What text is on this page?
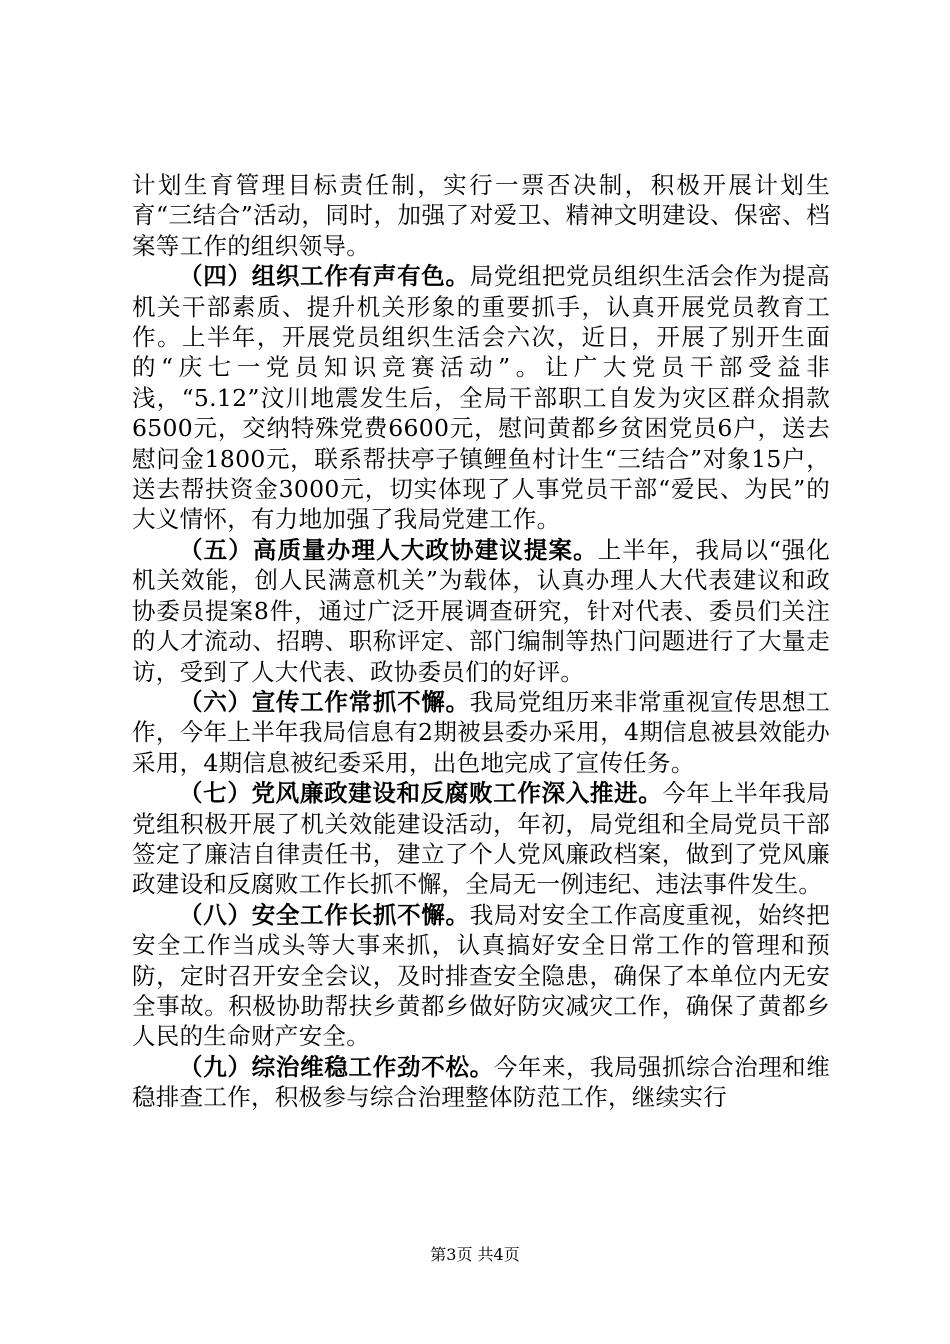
计划生育管理目标责任制，实行一票否决制，积极开展计划生育“三结合”活动，同时，加强了对爱卫、精神文明建设、保密、档案等工作的组织领导。

（四）组织工作有声有色。局党组把党员组织生活会作为提高机关干部素质、提升机关形象的重要抓手，认真开展党员教育工作。上半年，开展党员组织生活会六次，近日，开展了别开生面的“庆七一党员知识竞赛活动”。让广大党员干部受益非浅，“5.12”汶川地震发生后，全局干部职工自发为灾区群众捐款6500元，交纳特殊党费6600元，慰问黄都乡贫困党员6户，送去慰问金1800元，联系帮扶亭子镇鲤鱼村计生“三结合”对象15户，送去帮扶资金3000元，切实体现了人事党员干部“爱民、为民”的大义情怀，有力地加强了我局党建工作。

（五）高质量办理人大政协建议提案。上半年，我局以“强化机关效能，创人民满意机关”为载体，认真办理人大代表建议和政协委员提案8件，通过广泛开展调查研究，针对代表、委员们关注的人才流动、招聘、职称评定、部门编制等热门问题进行了大量走访，受到了人大代表、政协委员们的好评。

（六）宣传工作常抓不懈。我局党组历来非常重视宣传思想工作，今年上半年我局信息有2期被县委办采用，4期信息被县效能办采用，4期信息被纪委采用，出色地完成了宣传任务。

（七）党风廉政建设和反腐败工作深入推进。今年上半年我局党组积极开展了机关效能建设活动，年初，局党组和全局党员干部签定了廉洁自律责任书，建立了个人党风廉政档案，做到了党风廉政建设和反腐败工作长抓不懈，全局无一例违纪、违法事件发生。

（八）安全工作长抓不懈。我局对安全工作高度重视，始终把安全工作当成头等大事来抓，认真搞好安全日常工作的管理和预防，定时召开安全会议，及时排查安全隐患，确保了本单位内无安全事故。积极协助帮扶乡黄都乡做好防灾减灾工作，确保了黄都乡人民的生命财产安全。

（九）综治维稳工作劲不松。今年来，我局强抓综合治理和维稳排查工作，积极参与综合治理整体防范工作，继续实行

第3页 共4页
